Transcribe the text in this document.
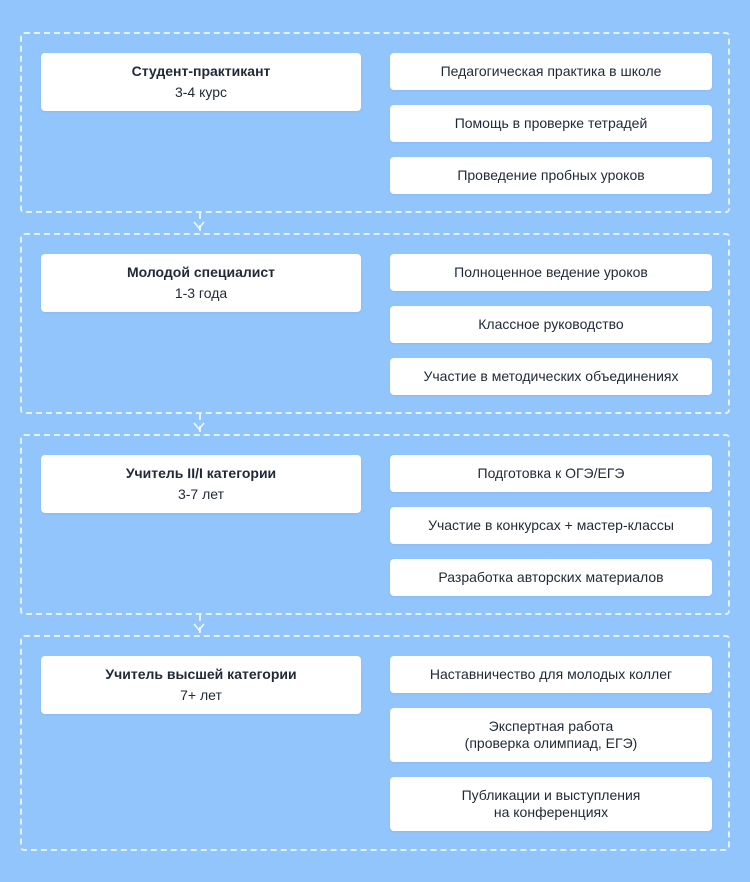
Студент-практикант
3-4 курс
Педагогическая практика в школе
Помощь в проверке тетрадей
Проведение пробных уроков
Молодой специалист
1-3 года
Полноценное ведение уроков
Классное руководство
Участие в методических объединениях
Учитель II/I категории
3-7 лет
Подготовка к ОГЭ/ЕГЭ
Участие в конкурсах + мастер-классы
Разработка авторских материалов
Учитель высшей категории
7+ лет
Наставничество для молодых коллег
Экспертная работа
(проверка олимпиад, ЕГЭ)
Публикации и выступления
на конференциях
